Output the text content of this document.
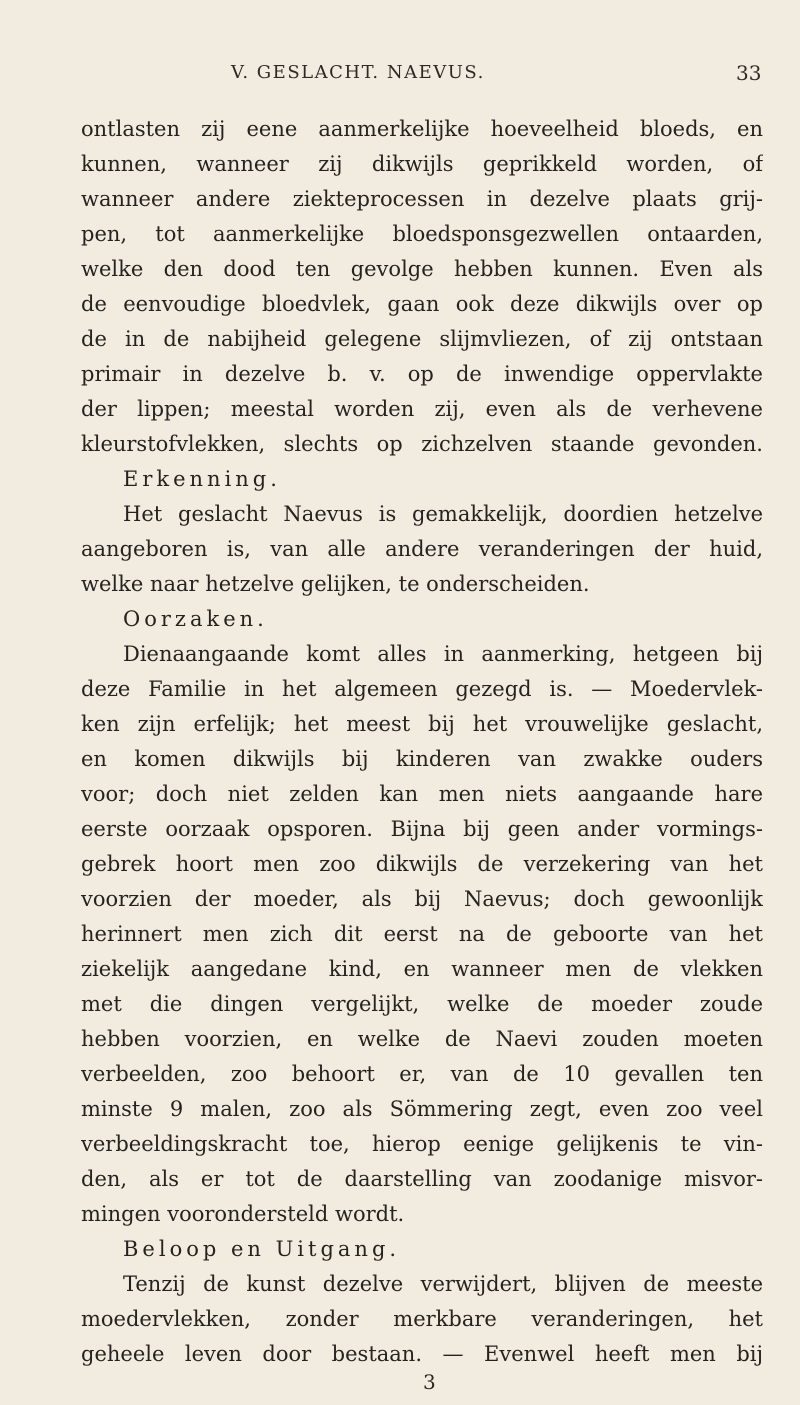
V. GESLACHT. NAEVUS.	33
ontlasten zij eene aanmerkelijke hoeveelheid bloeds, en
kunnen, wanneer zij dikwijls geprikkeld worden, of
wanneer andere ziekteprocessen in dezelve plaats grij-
pen, tot aanmerkelijke bloedsponsgezwellen ontaarden,
welke den dood ten gevolge hebben kunnen. Even als
de eenvoudige bloedvlek, gaan ook deze dikwijls over op
de in de nabijheid gelegene slijmvliezen, of zij ontstaan
primair in dezelve b. v. op de inwendige oppervlakte
der lippen; meestal worden zij, even als de verhevene
kleurstofvlekken, slechts op zichzelven staande gevonden.
Erkenning.
Het geslacht Naevus is gemakkelijk, doordien hetzelve
aangeboren is, van alle andere veranderingen der huid,
welke naar hetzelve gelijken, te onderscheiden.
Oorzaken.
Dienaangaande komt alles in aanmerking, hetgeen bij
deze Familie in het algemeen gezegd is. — Moedervlek-
ken zijn erfelijk; het meest bij het vrouwelijke geslacht,
en komen dikwijls bij kinderen van zwakke ouders
voor; doch niet zelden kan men niets aangaande hare
eerste oorzaak opsporen. Bijna bij geen ander vormings-
gebrek hoort men zoo dikwijls de verzekering van het
voorzien der moeder, als bij Naevus; doch gewoonlijk
herinnert men zich dit eerst na de geboorte van het
ziekelijk aangedane kind, en wanneer men de vlekken
met die dingen vergelijkt, welke de moeder zoude
hebben voorzien, en welke de Naevi zouden moeten
verbeelden, zoo behoort er, van de 10 gevallen ten
minste 9 malen, zoo als Sömmering zegt, even zoo veel
verbeeldingskracht toe, hierop eenige gelijkenis te vin-
den, als er tot de daarstelling van zoodanige misvor-
mingen vooronderstеld wordt.
Beloop en Uitgang.
Tenzij de kunst dezelve verwijdert, blijven de meeste
moedervlekken, zonder merkbare veranderingen, het
geheele leven door bestaan. — Evenwel heeft men bij
3
